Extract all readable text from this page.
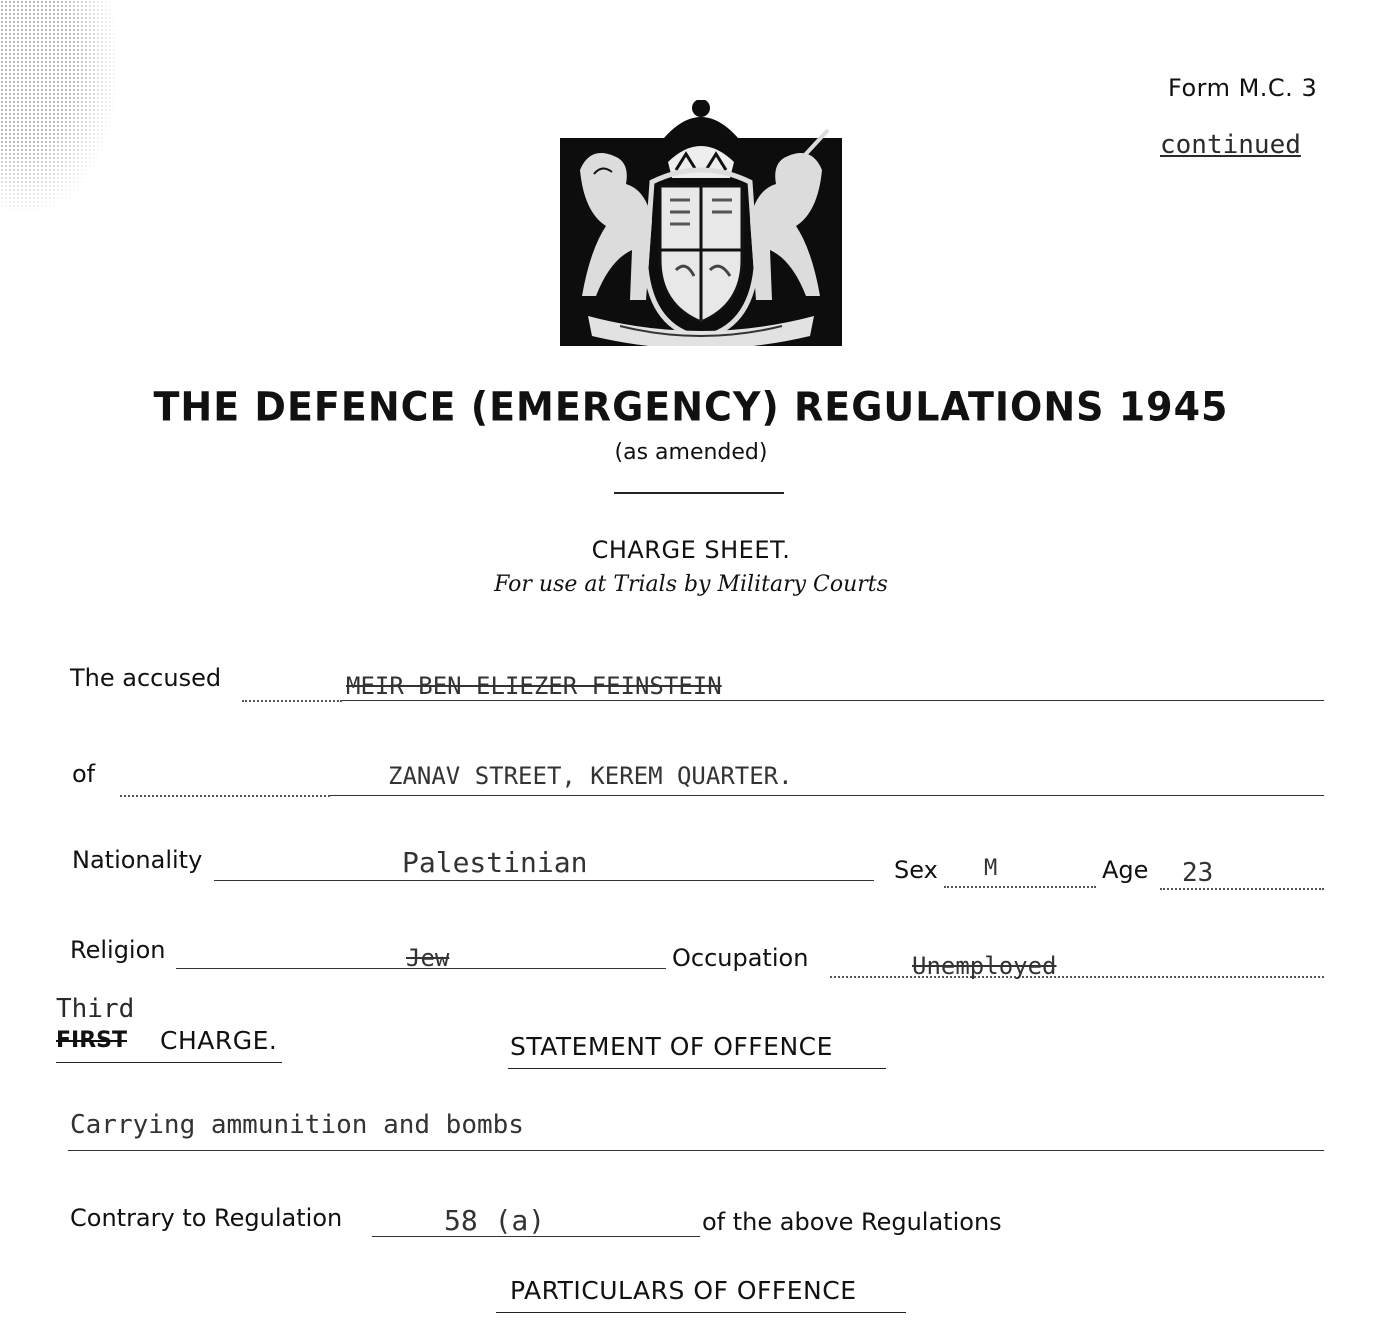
Form M.C. 3
continued
THE DEFENCE (EMERGENCY) REGULATIONS 1945
(as amended)
CHARGE SHEET.
For use at Trials by Military Courts
The accused	MEIR BEN ELIEZER FEINSTEIN
of	ZANAV STREET, KEREM QUARTER.
Nationality	Palestinian	Sex M	Age 23
Religion	Jew	Occupation	Unemployed
Third
FIRST CHARGE.	STATEMENT OF OFFENCE
Carrying ammunition and bombs
Contrary to Regulation	58 (a)	of the above Regulations
PARTICULARS OF OFFENCE
